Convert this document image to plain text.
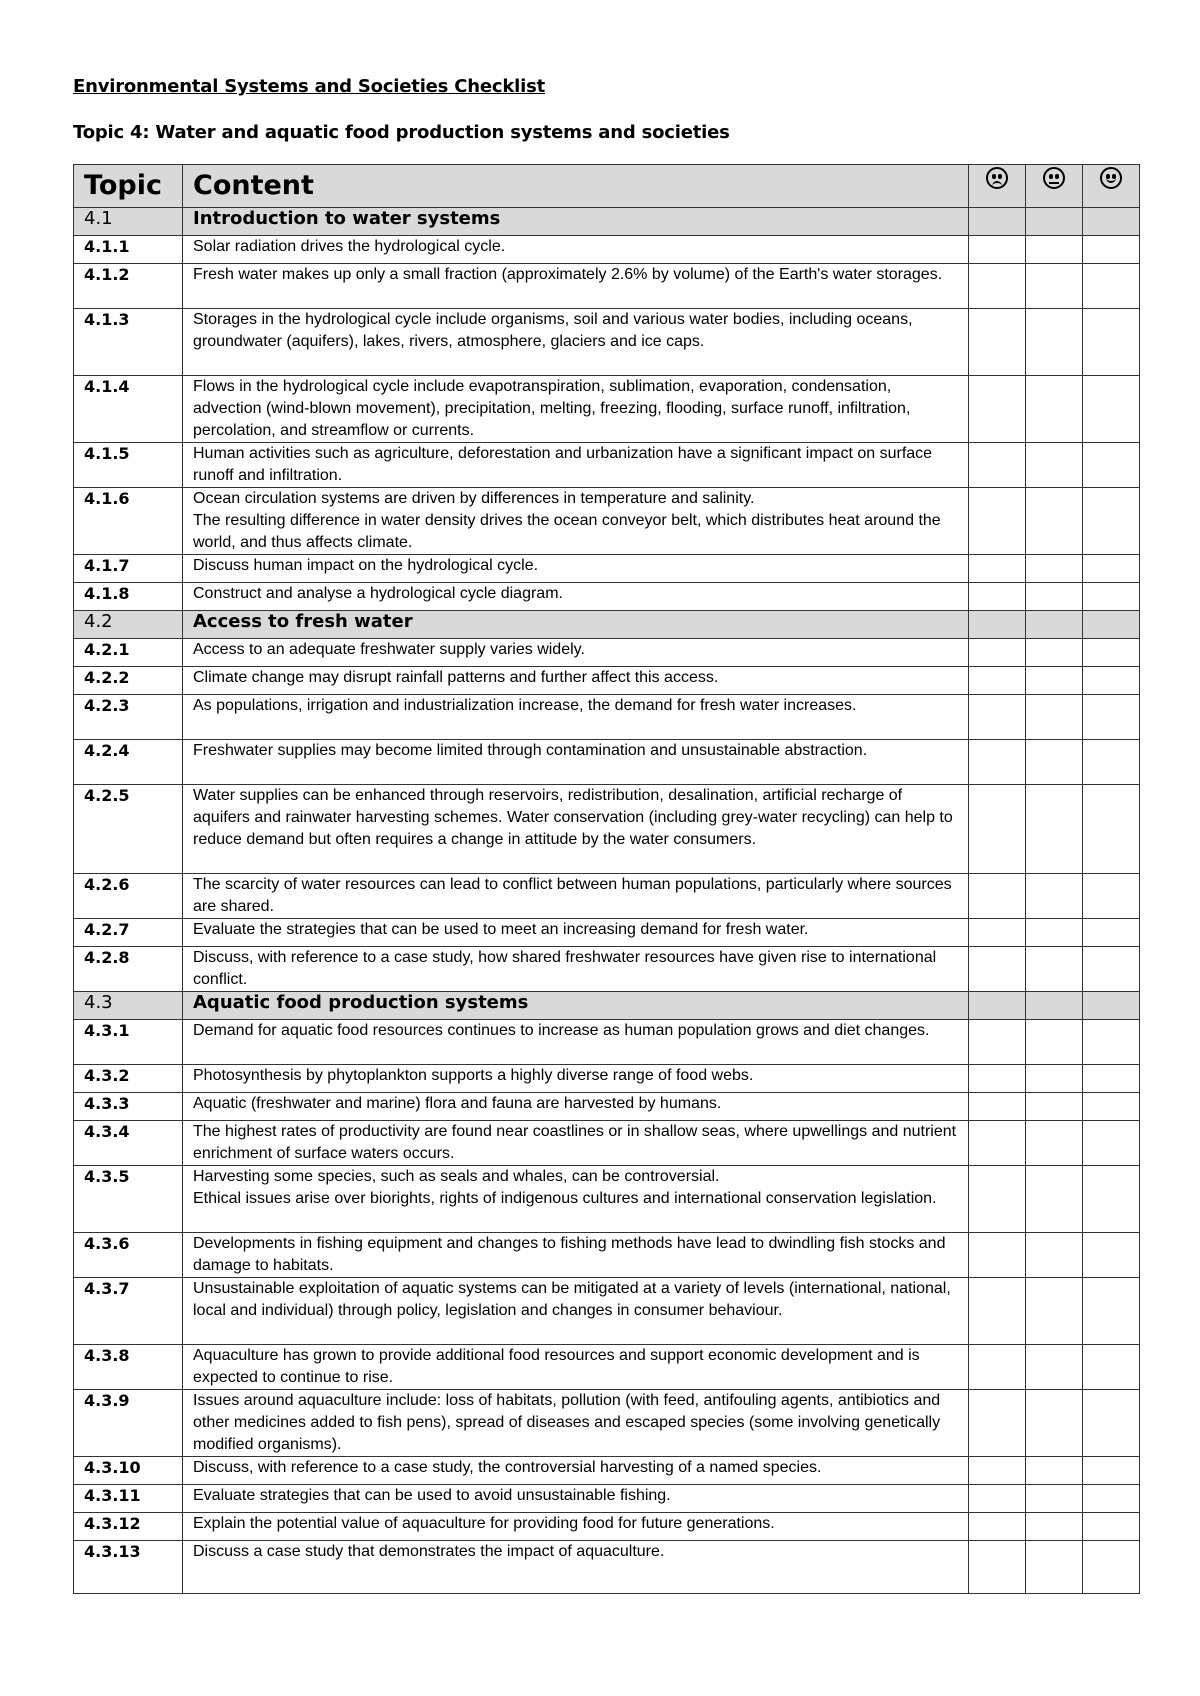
Environmental Systems and Societies Checklist
Topic 4: Water and aquatic food production systems and societies
Topic	Content	

4.1	Introduction to water systems			
4.1.1	Solar radiation drives the hydrological cycle.			
4.1.2	Fresh water makes up only a small fraction (approximately 2.6% by volume) of the Earth's water storages.			
4.1.3	Storages in the hydrological cycle include organisms, soil and various water bodies, including oceans, groundwater (aquifers), lakes, rivers, atmosphere, glaciers and ice caps.			
4.1.4	Flows in the hydrological cycle include evapotranspiration, sublimation, evaporation, condensation, advection (wind-blown movement), precipitation, melting, freezing, flooding, surface runoff, infiltration, percolation, and streamflow or currents.			
4.1.5	Human activities such as agriculture, deforestation and urbanization have a significant impact on surface runoff and infiltration.			
4.1.6	Ocean circulation systems are driven by differences in temperature and salinity.
The resulting difference in water density drives the ocean conveyor belt, which distributes heat around the world, and thus affects climate.			
4.1.7	Discuss human impact on the hydrological cycle.			
4.1.8	Construct and analyse a hydrological cycle diagram.			
4.2	Access to fresh water			
4.2.1	Access to an adequate freshwater supply varies widely.			
4.2.2	Climate change may disrupt rainfall patterns and further affect this access.			
4.2.3	As populations, irrigation and industrialization increase, the demand for fresh water increases.			
4.2.4	Freshwater supplies may become limited through contamination and unsustainable abstraction.			
4.2.5	Water supplies can be enhanced through reservoirs, redistribution, desalination, artificial recharge of aquifers and rainwater harvesting schemes. Water conservation (including grey-water recycling) can help to reduce demand but often requires a change in attitude by the water consumers.			
4.2.6	The scarcity of water resources can lead to conflict between human populations, particularly where sources are shared.			
4.2.7	Evaluate the strategies that can be used to meet an increasing demand for fresh water.			
4.2.8	Discuss, with reference to a case study, how shared freshwater resources have given rise to international conflict.			
4.3	Aquatic food production systems			
4.3.1	Demand for aquatic food resources continues to increase as human population grows and diet changes.			
4.3.2	Photosynthesis by phytoplankton supports a highly diverse range of food webs.			
4.3.3	Aquatic (freshwater and marine) flora and fauna are harvested by humans.			
4.3.4	The highest rates of productivity are found near coastlines or in shallow seas, where upwellings and nutrient enrichment of surface waters occurs.			
4.3.5	Harvesting some species, such as seals and whales, can be controversial.
Ethical issues arise over biorights, rights of indigenous cultures and international conservation legislation.			
4.3.6	Developments in fishing equipment and changes to fishing methods have lead to dwindling fish stocks and damage to habitats.			
4.3.7	Unsustainable exploitation of aquatic systems can be mitigated at a variety of levels (international, national, local and individual) through policy, legislation and changes in consumer behaviour.			
4.3.8	Aquaculture has grown to provide additional food resources and support economic development and is expected to continue to rise.			
4.3.9	Issues around aquaculture include: loss of habitats, pollution (with feed, antifouling agents, antibiotics and other medicines added to fish pens), spread of diseases and escaped species (some involving genetically modified organisms).			
4.3.10	Discuss, with reference to a case study, the controversial harvesting of a named species.			
4.3.11	Evaluate strategies that can be used to avoid unsustainable fishing.			
4.3.12	Explain the potential value of aquaculture for providing food for future generations.			
4.3.13	Discuss a case study that demonstrates the impact of aquaculture.			
